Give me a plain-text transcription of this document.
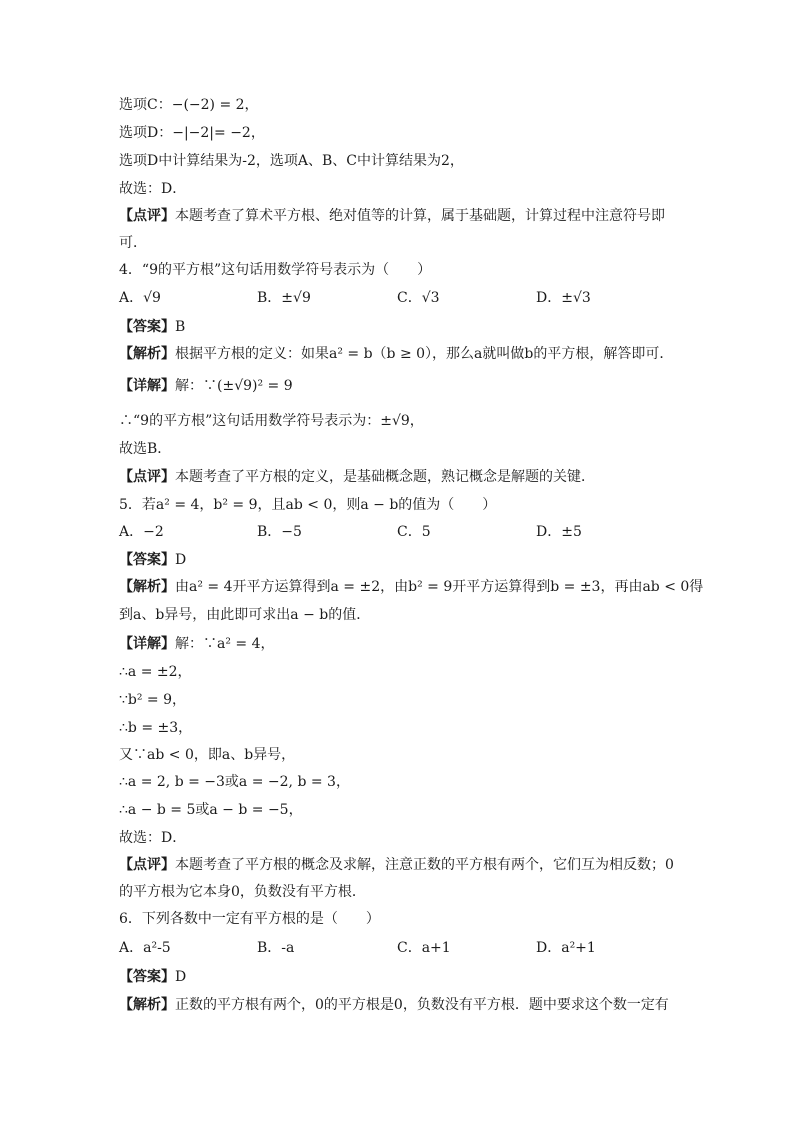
选项C：−(−2) = 2，
选项D：−|−2|= −2，
选项D中计算结果为-2，选项A、B、C中计算结果为2，
故选：D．
【点评】本题考查了算术平方根、绝对值等的计算，属于基础题，计算过程中注意符号即
可．
4．“9的平方根”这句话用数学符号表示为（　　）
A．√9	B．±√9	C．√3	D．±√3
【答案】B
【解析】根据平方根的定义：如果a² = b（b ≥ 0），那么a就叫做b的平方根，解答即可．
【详解】解：∵(±√9)² = 9
∴“9的平方根”这句话用数学符号表示为：±√9，
故选B．
【点评】本题考查了平方根的定义，是基础概念题，熟记概念是解题的关键．
5．若a² = 4，b² = 9，且ab < 0，则a − b的值为（　　）
A．−2	B．−5	C．5	D．±5
【答案】D
【解析】由a² = 4开平方运算得到a = ±2，由b² = 9开平方运算得到b = ±3，再由ab < 0得
到a、b异号，由此即可求出a − b的值．
【详解】解：∵a² = 4，
∴a = ±2，
∵b² = 9，
∴b = ±3，
又∵ab < 0，即a、b异号，
∴a = 2, b = −3或a = −2, b = 3，
∴a − b = 5或a − b = −5，
故选：D．
【点评】本题考查了平方根的概念及求解，注意正数的平方根有两个，它们互为相反数；0
的平方根为它本身0，负数没有平方根．
6．下列各数中一定有平方根的是（　　）
A．a²-5	B．-a	C．a+1	D．a²+1
【答案】D
【解析】正数的平方根有两个，0的平方根是0，负数没有平方根．题中要求这个数一定有
